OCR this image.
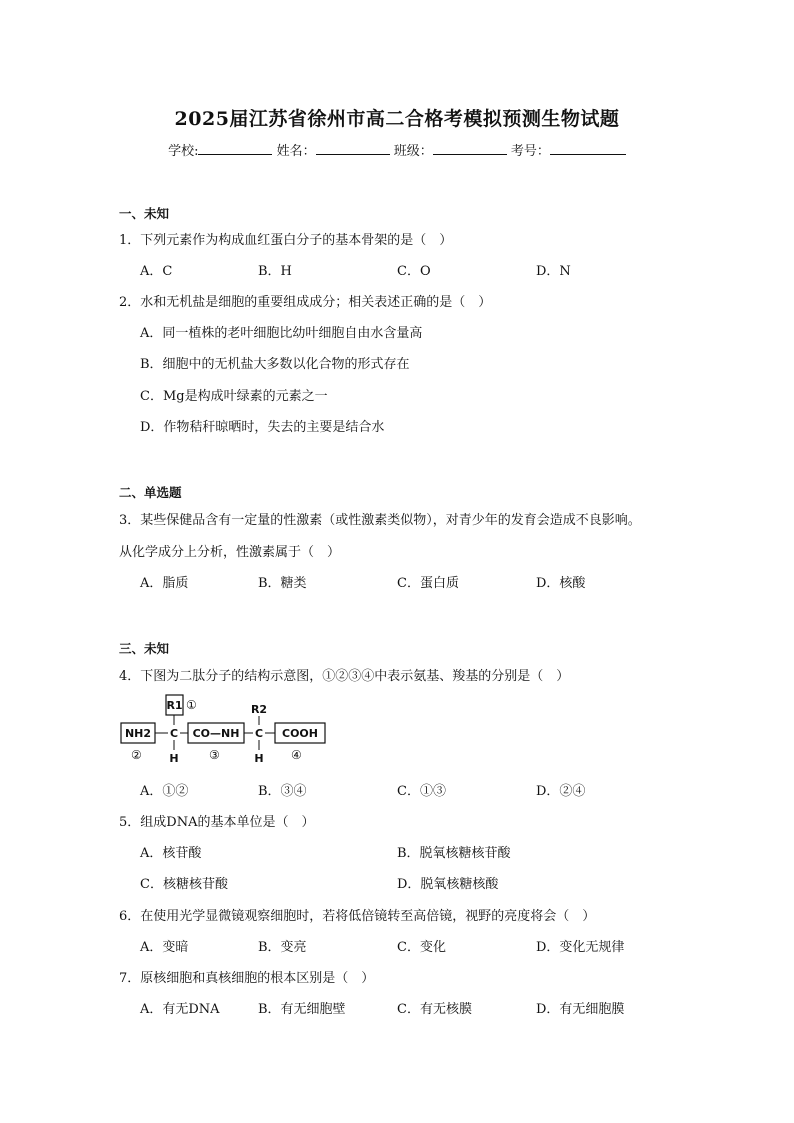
2025届江苏省徐州市高二合格考模拟预测生物试题
学校:	姓名：	班级：	考号：
一、未知
1．下列元素作为构成血红蛋白分子的基本骨架的是（　）
A．C	B．H	C．O	D．N
2．水和无机盐是细胞的重要组成成分；相关表述正确的是（　）
A．同一植株的老叶细胞比幼叶细胞自由水含量高
B．细胞中的无机盐大多数以化合物的形式存在
C．Mg是构成叶绿素的元素之一
D．作物秸秆晾晒时，失去的主要是结合水
二、单选题
3．某些保健品含有一定量的性激素（或性激素类似物），对青少年的发育会造成不良影响。
从化学成分上分析，性激素属于（　）
A．脂质	B．糖类	C．蛋白质	D．核酸
三、未知
4．下图为二肽分子的结构示意图，①②③④中表示氨基、羧基的分别是（　）
R1 ①	R2
NH2
②
C	C
H	H
CO—NH
③
COOH
④
A．①②	B．③④	C．①③	D．②④
5．组成DNA的基本单位是（　）
A．核苷酸	B．脱氧核糖核苷酸
C．核糖核苷酸	D．脱氧核糖核酸
6．在使用光学显微镜观察细胞时，若将低倍镜转至高倍镜，视野的亮度将会（　）
A．变暗	B．变亮	C．变化	D．变化无规律
7．原核细胞和真核细胞的根本区别是（　）
A．有无DNA	B．有无细胞壁	C．有无核膜	D．有无细胞膜
